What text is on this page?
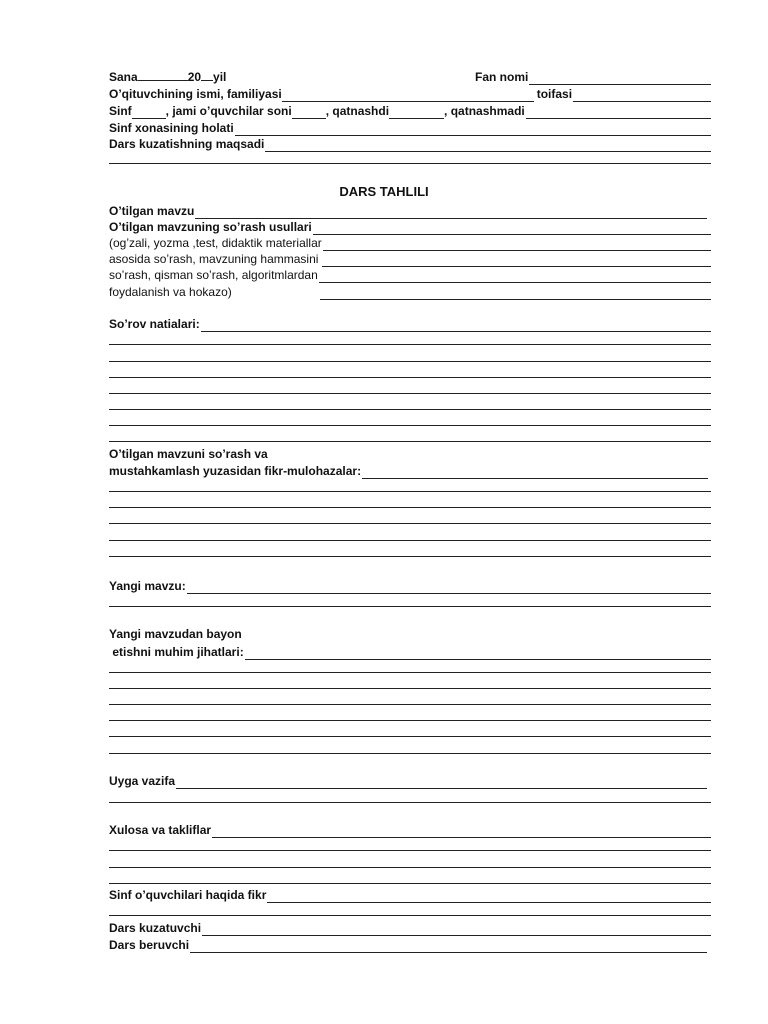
Sana	20 yil	Fan nomi
O’qituvchining ismi, familiyasi	toifasi
Sinf	, jami o’quvchilar soni	, qatnashdi	, qatnashmadi
Sinf xonasining holati
Dars kuzatishning maqsadi
DARS TAHLILI
O’tilgan mavzu
O’tilgan mavzuning so’rash usullari
(og’zali, yozma ,test, didaktik materiallar
asosida so’rash, mavzuning hammasini
so’rash, qisman so’rash, algoritmlardan
foydalanish va hokazo)
So’rov natialari:
O’tilgan mavzuni so’rash va
mustahkamlash yuzasidan fikr-mulohazalar:
Yangi mavzu:
Yangi mavzudan bayon
etishni muhim jihatlari:
Uyga vazifa
Xulosa va takliflar
Sinf o’quvchilari haqida fikr
Dars kuzatuvchi
Dars beruvchi
